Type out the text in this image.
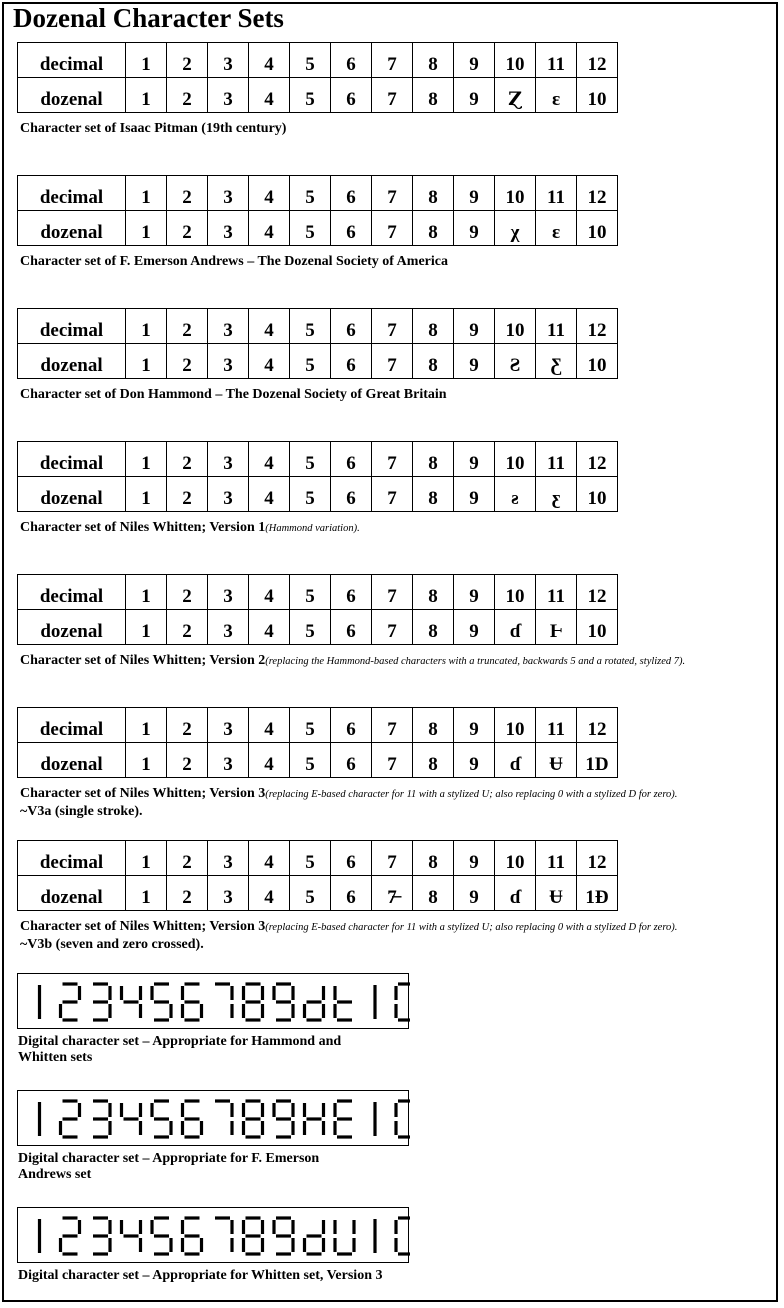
Dozenal Character Sets
decimal	1	2	3	4	5	6	7	8	9	10	11	12
dozenal	1	2	3	4	5	6	7	8	9	Ɀ	ɛ	10
Character set of Isaac Pitman (19th century)
decimal	1	2	3	4	5	6	7	8	9	10	11	12
dozenal	1	2	3	4	5	6	7	8	9	χ	ɛ	10
Character set of F. Emerson Andrews – The Dozenal Society of America
decimal	1	2	3	4	5	6	7	8	9	10	11	12
dozenal	1	2	3	4	5	6	7	8	9	Ƨ	Ƹ	10
Character set of Don Hammond – The Dozenal Society of Great Britain
decimal	1	2	3	4	5	6	7	8	9	10	11	12
dozenal	1	2	3	4	5	6	7	8	9	ƨ	ƹ	10
Character set of Niles Whitten; Version 1(Hammond variation).
decimal	1	2	3	4	5	6	7	8	9	10	11	12
dozenal	1	2	3	4	5	6	7	8	9	ɗ	Ⱶ	10
Character set of Niles Whitten; Version 2(replacing the Hammond-based characters with a truncated, backwards 5 and a rotated, stylized 7).
decimal	1	2	3	4	5	6	7	8	9	10	11	12
dozenal	1	2	3	4	5	6	7	8	9	ɗ	Ʉ	1D
Character set of Niles Whitten; Version 3(replacing E-based character for 11 with a stylized U; also replacing 0 with a stylized D for zero).
~V3a (single stroke).
decimal	1	2	3	4	5	6	7	8	9	10	11	12
dozenal	1	2	3	4	5	6	7̶	8	9	ɗ	Ʉ	1Đ
Character set of Niles Whitten; Version 3(replacing E-based character for 11 with a stylized U; also replacing 0 with a stylized D for zero).
~V3b (seven and zero crossed).
Digital character set – Appropriate for Hammond and
Whitten sets
Digital character set – Appropriate for F. Emerson
Andrews set
Digital character set – Appropriate for Whitten set, Version 3
